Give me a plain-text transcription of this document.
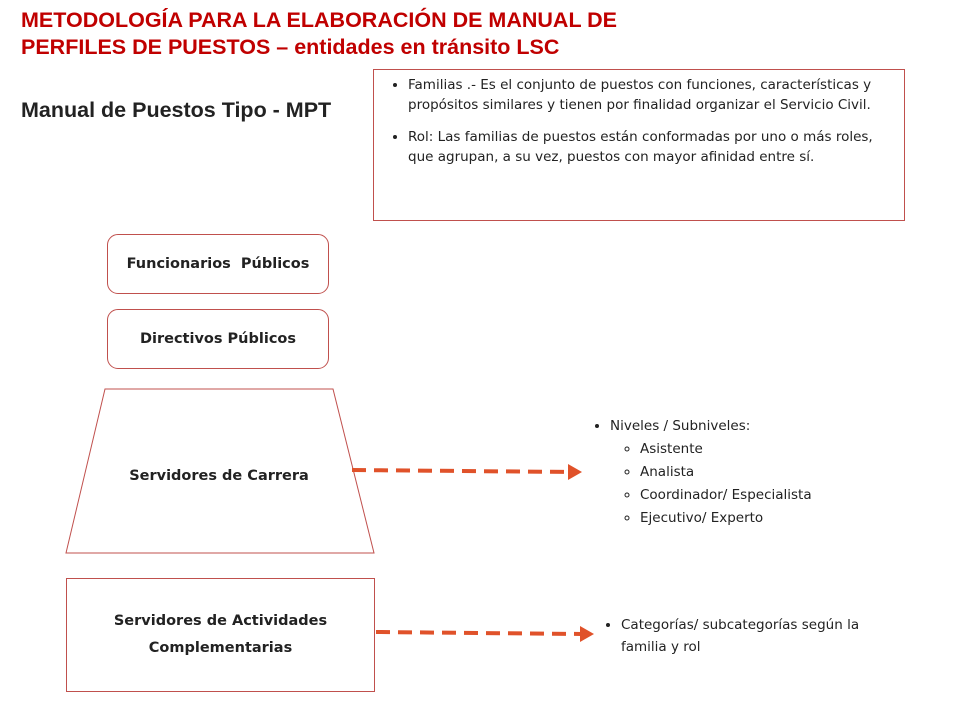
METODOLOGÍA PARA LA ELABORACIÓN DE MANUAL DE
PERFILES DE PUESTOS – entidades en tránsito LSC
Manual de Puestos Tipo - MPT
• Familias .- Es el conjunto de puestos con funciones, características y propósitos similares y tienen por finalidad organizar el Servicio Civil.
• Rol: Las familias de puestos están conformadas por uno o más roles, que agrupan, a su vez, puestos con mayor afinidad entre sí.
Funcionarios  Públicos
Directivos Públicos
Servidores de Carrera
Servidores de Actividades
Complementarias
• Niveles / Subniveles:
◦ Asistente
◦ Analista
◦ Coordinador/ Especialista
◦ Ejecutivo/ Experto
• Categorías/ subcategorías según la familia y rol
